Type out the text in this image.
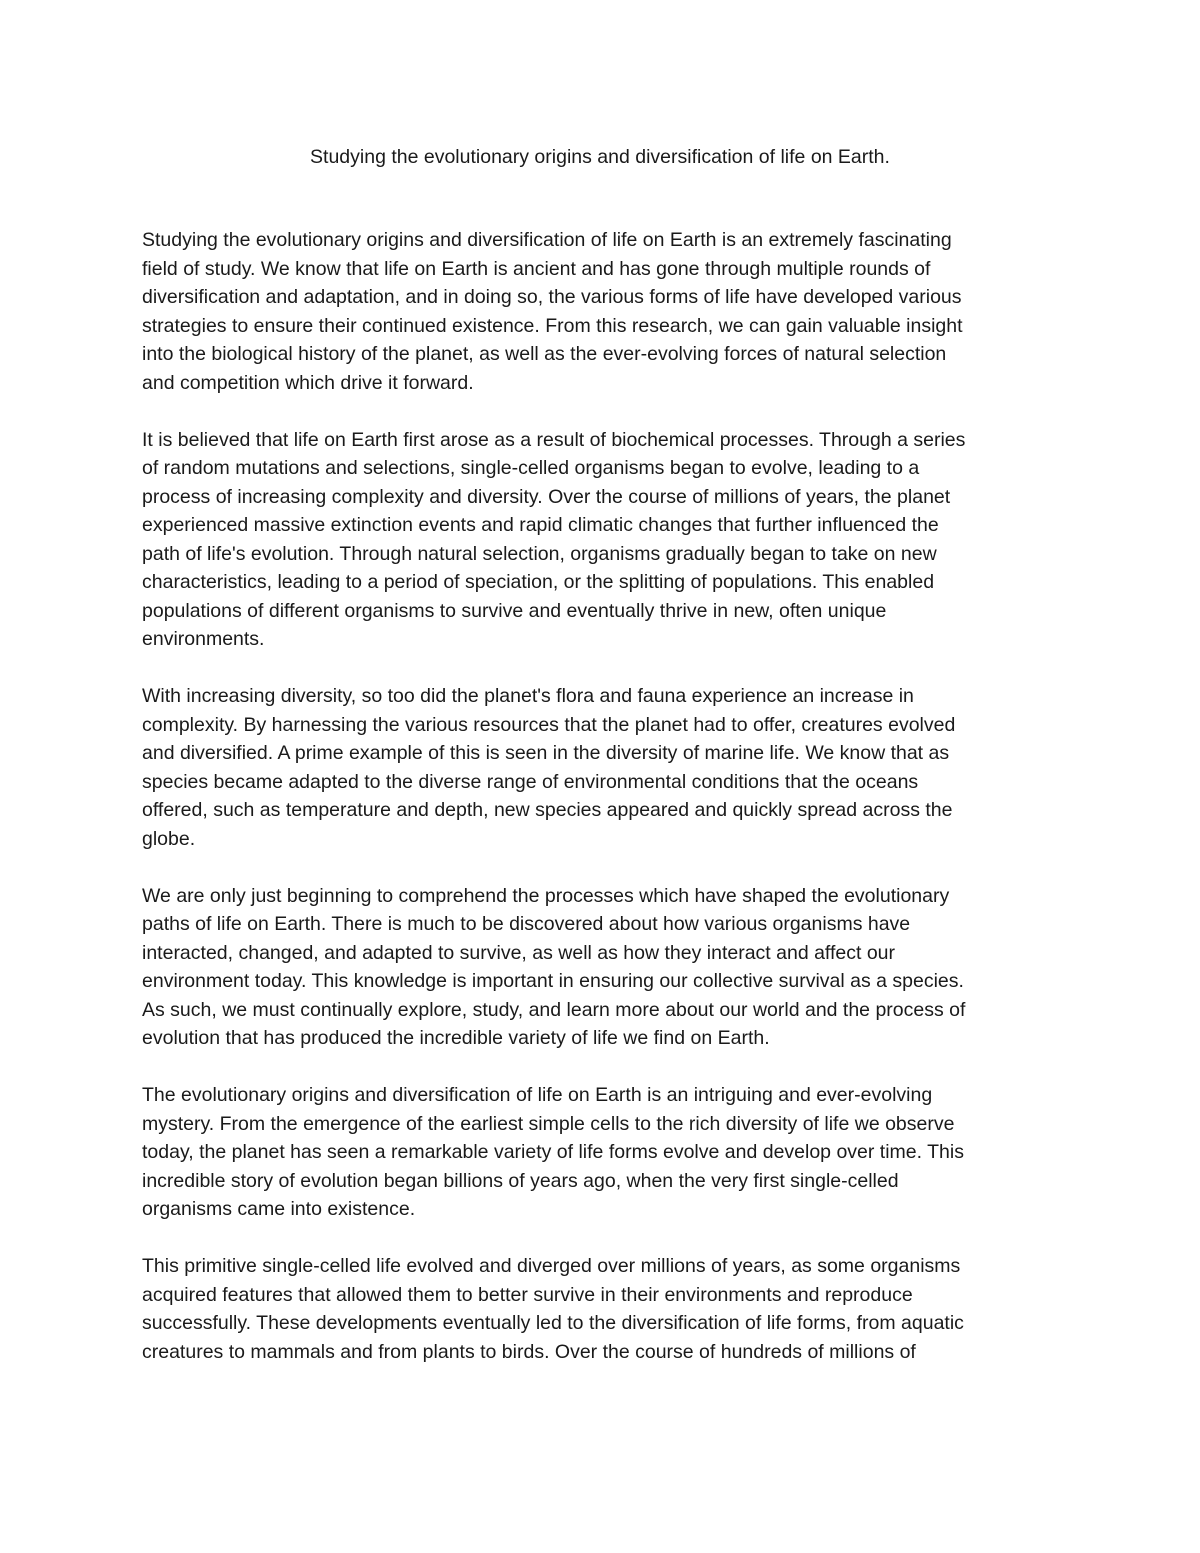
Studying the evolutionary origins and diversification of life on Earth.
Studying the evolutionary origins and diversification of life on Earth is an extremely fascinating
field of study. We know that life on Earth is ancient and has gone through multiple rounds of
diversification and adaptation, and in doing so, the various forms of life have developed various
strategies to ensure their continued existence. From this research, we can gain valuable insight
into the biological history of the planet, as well as the ever-evolving forces of natural selection
and competition which drive it forward.
It is believed that life on Earth first arose as a result of biochemical processes. Through a series
of random mutations and selections, single-celled organisms began to evolve, leading to a
process of increasing complexity and diversity. Over the course of millions of years, the planet
experienced massive extinction events and rapid climatic changes that further influenced the
path of life's evolution. Through natural selection, organisms gradually began to take on new
characteristics, leading to a period of speciation, or the splitting of populations. This enabled
populations of different organisms to survive and eventually thrive in new, often unique
environments.
With increasing diversity, so too did the planet's flora and fauna experience an increase in
complexity. By harnessing the various resources that the planet had to offer, creatures evolved
and diversified. A prime example of this is seen in the diversity of marine life. We know that as
species became adapted to the diverse range of environmental conditions that the oceans
offered, such as temperature and depth, new species appeared and quickly spread across the
globe.
We are only just beginning to comprehend the processes which have shaped the evolutionary
paths of life on Earth. There is much to be discovered about how various organisms have
interacted, changed, and adapted to survive, as well as how they interact and affect our
environment today. This knowledge is important in ensuring our collective survival as a species.
As such, we must continually explore, study, and learn more about our world and the process of
evolution that has produced the incredible variety of life we find on Earth.
The evolutionary origins and diversification of life on Earth is an intriguing and ever-evolving
mystery. From the emergence of the earliest simple cells to the rich diversity of life we observe
today, the planet has seen a remarkable variety of life forms evolve and develop over time. This
incredible story of evolution began billions of years ago, when the very first single-celled
organisms came into existence.
This primitive single-celled life evolved and diverged over millions of years, as some organisms
acquired features that allowed them to better survive in their environments and reproduce
successfully. These developments eventually led to the diversification of life forms, from aquatic
creatures to mammals and from plants to birds. Over the course of hundreds of millions of
